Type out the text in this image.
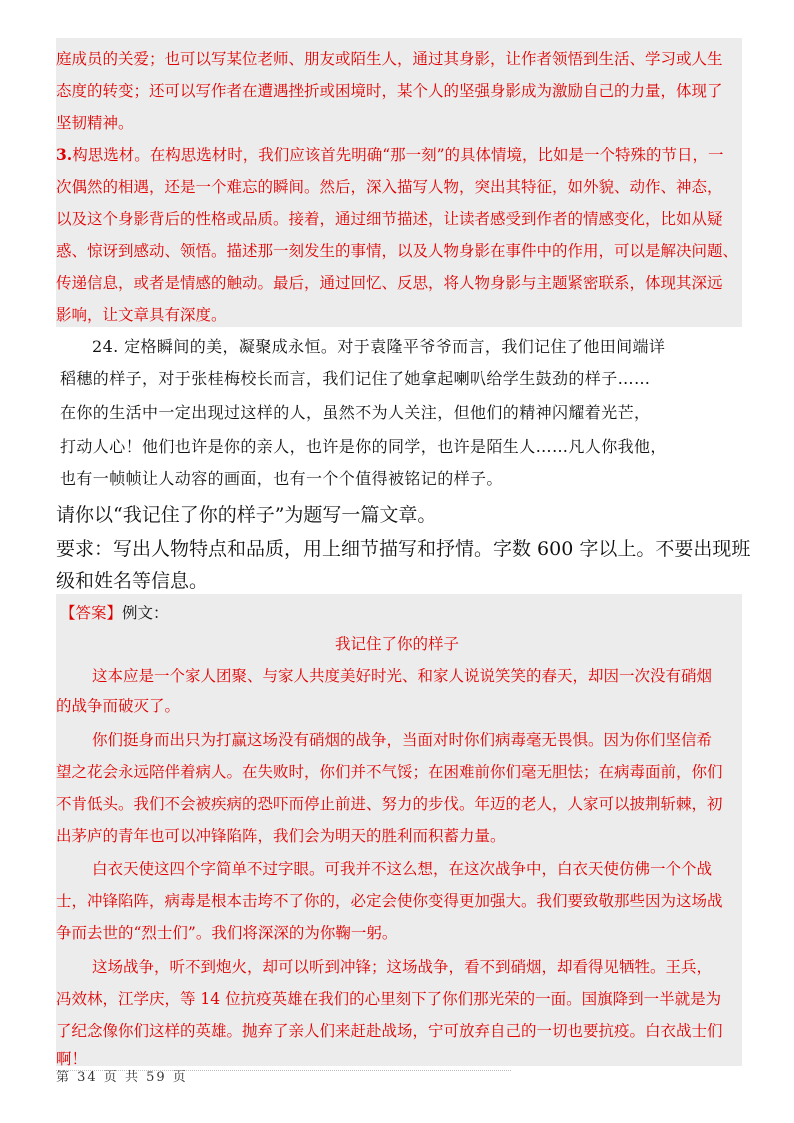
庭成员的关爱；也可以写某位老师、朋友或陌生人，通过其身影，让作者领悟到生活、学习或人生
态度的转变；还可以写作者在遭遇挫折或困境时，某个人的坚强身影成为激励自己的力量，体现了
坚韧精神。
3.构思选材。在构思选材时，我们应该首先明确“那一刻”的具体情境，比如是一个特殊的节日，一
次偶然的相遇，还是一个难忘的瞬间。然后，深入描写人物，突出其特征，如外貌、动作、神态，
以及这个身影背后的性格或品质。接着，通过细节描述，让读者感受到作者的情感变化，比如从疑
惑、惊讶到感动、领悟。描述那一刻发生的事情，以及人物身影在事件中的作用，可以是解决问题、
传递信息，或者是情感的触动。最后，通过回忆、反思，将人物身影与主题紧密联系，体现其深远
影响，让文章具有深度。
24. 定格瞬间的美，凝聚成永恒。对于袁隆平爷爷而言，我们记住了他田间端详
稻穗的样子，对于张桂梅校长而言，我们记住了她拿起喇叭给学生鼓劲的样子……
在你的生活中一定出现过这样的人，虽然不为人关注，但他们的精神闪耀着光芒，
打动人心！他们也许是你的亲人，也许是你的同学，也许是陌生人……凡人你我他，
也有一帧帧让人动容的画面，也有一个个值得被铭记的样子。
请你以“我记住了你的样子”为题写一篇文章。
要求：写出人物特点和品质，用上细节描写和抒情。字数 600 字以上。不要出现班
级和姓名等信息。
【答案】例文：
我记住了你的样子
这本应是一个家人团聚、与家人共度美好时光、和家人说说笑笑的春天，却因一次没有硝烟
的战争而破灭了。
你们挺身而出只为打赢这场没有硝烟的战争，当面对时你们病毒毫无畏惧。因为你们坚信希
望之花会永远陪伴着病人。在失败时，你们并不气馁；在困难前你们毫无胆怯；在病毒面前，你们
不肯低头。我们不会被疾病的恐吓而停止前进、努力的步伐。年迈的老人，人家可以披荆斩棘，初
出茅庐的青年也可以冲锋陷阵，我们会为明天的胜利而积蓄力量。
白衣天使这四个字简单不过字眼。可我并不这么想，在这次战争中，白衣天使仿佛一个个战
士，冲锋陷阵，病毒是根本击垮不了你的，必定会使你变得更加强大。我们要致敬那些因为这场战
争而去世的“烈士们”。我们将深深的为你鞠一躬。
这场战争，听不到炮火，却可以听到冲锋；这场战争，看不到硝烟，却看得见牺牲。王兵，
冯效林，江学庆，等 14 位抗疫英雄在我们的心里刻下了你们那光荣的一面。国旗降到一半就是为
了纪念像你们这样的英雄。抛弃了亲人们来赶赴战场，宁可放弃自己的一切也要抗疫。白衣战士们
啊！
第 34 页 共 59 页
